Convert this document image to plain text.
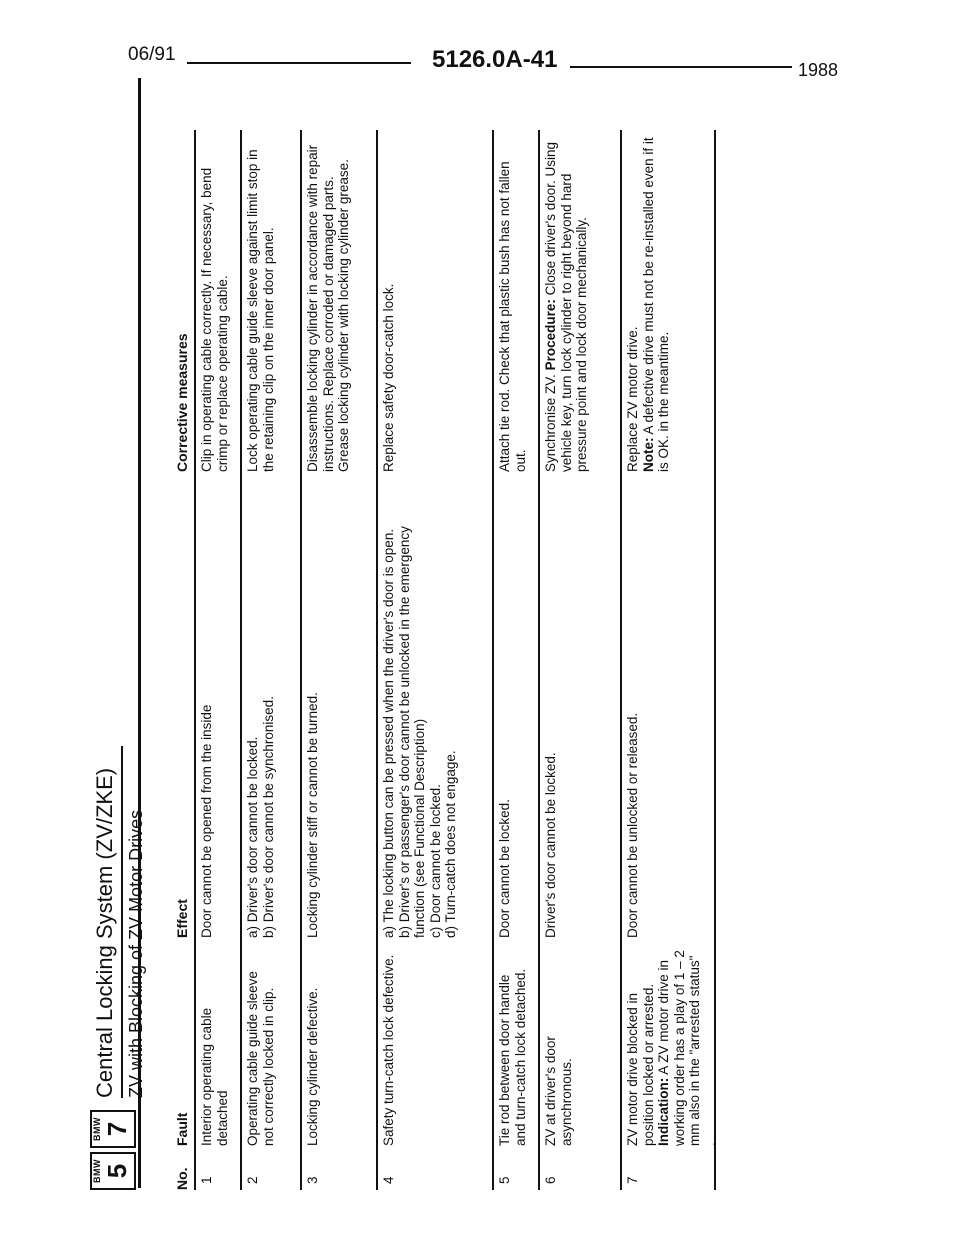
06/91	5126.0A-41	1988
BMW 5
BMW 7
Central Locking System (ZV/ZKE) ZV with Blocking of ZV Motor Drives
No.
Fault
Effect
Corrective measures
1
Interior operating cable detached
Door cannot be opened from the inside
Clip in operating cable correctly. If necessary, bend crimp or replace operating cable.
2
Operating cable guide sleeve not correctly locked in clip.
a) Driver's door cannot be locked. b) Driver's door cannot be synchronised.
Lock operating cable guide sleeve against limit stop in the retaining clip on the inner door panel.
3
Locking cylinder defective.
Locking cylinder stiff or cannot be turned.
Disassemble locking cylinder in accordance with repair instructions. Replace corroded or damaged parts. Grease locking cylinder with locking cylinder grease.
4
Safety turn-catch lock defective.
a) The locking button can be pressed when the driver's door is open. b) Driver's or passenger's door cannot be unlocked in the emergency function (see Functional Description) c) Door cannot be locked. d) Turn-catch does not engage.
Replace safety door-catch lock.
5
Tie rod between door handle and turn-catch lock detached.
Door cannot be locked.
Attach tie rod. Check that plastic bush has not fallen out.
6
ZV at driver's door asynchronous.
Driver's door cannot be locked.
Synchronise ZV. Procedure: Close driver's door. Using vehicle key, turn lock cylinder to right beyond hard pressure point and lock door mechanically.
7
ZV motor drive blocked in position locked or arrested. Indication: A ZV motor drive in working order has a play of 1 – 2 mm also in the "arrested status" .
Door cannot be unlocked or released.
Replace ZV motor drive. Note: A defective drive must not be re-installed even if it is OK. in the meantime.
